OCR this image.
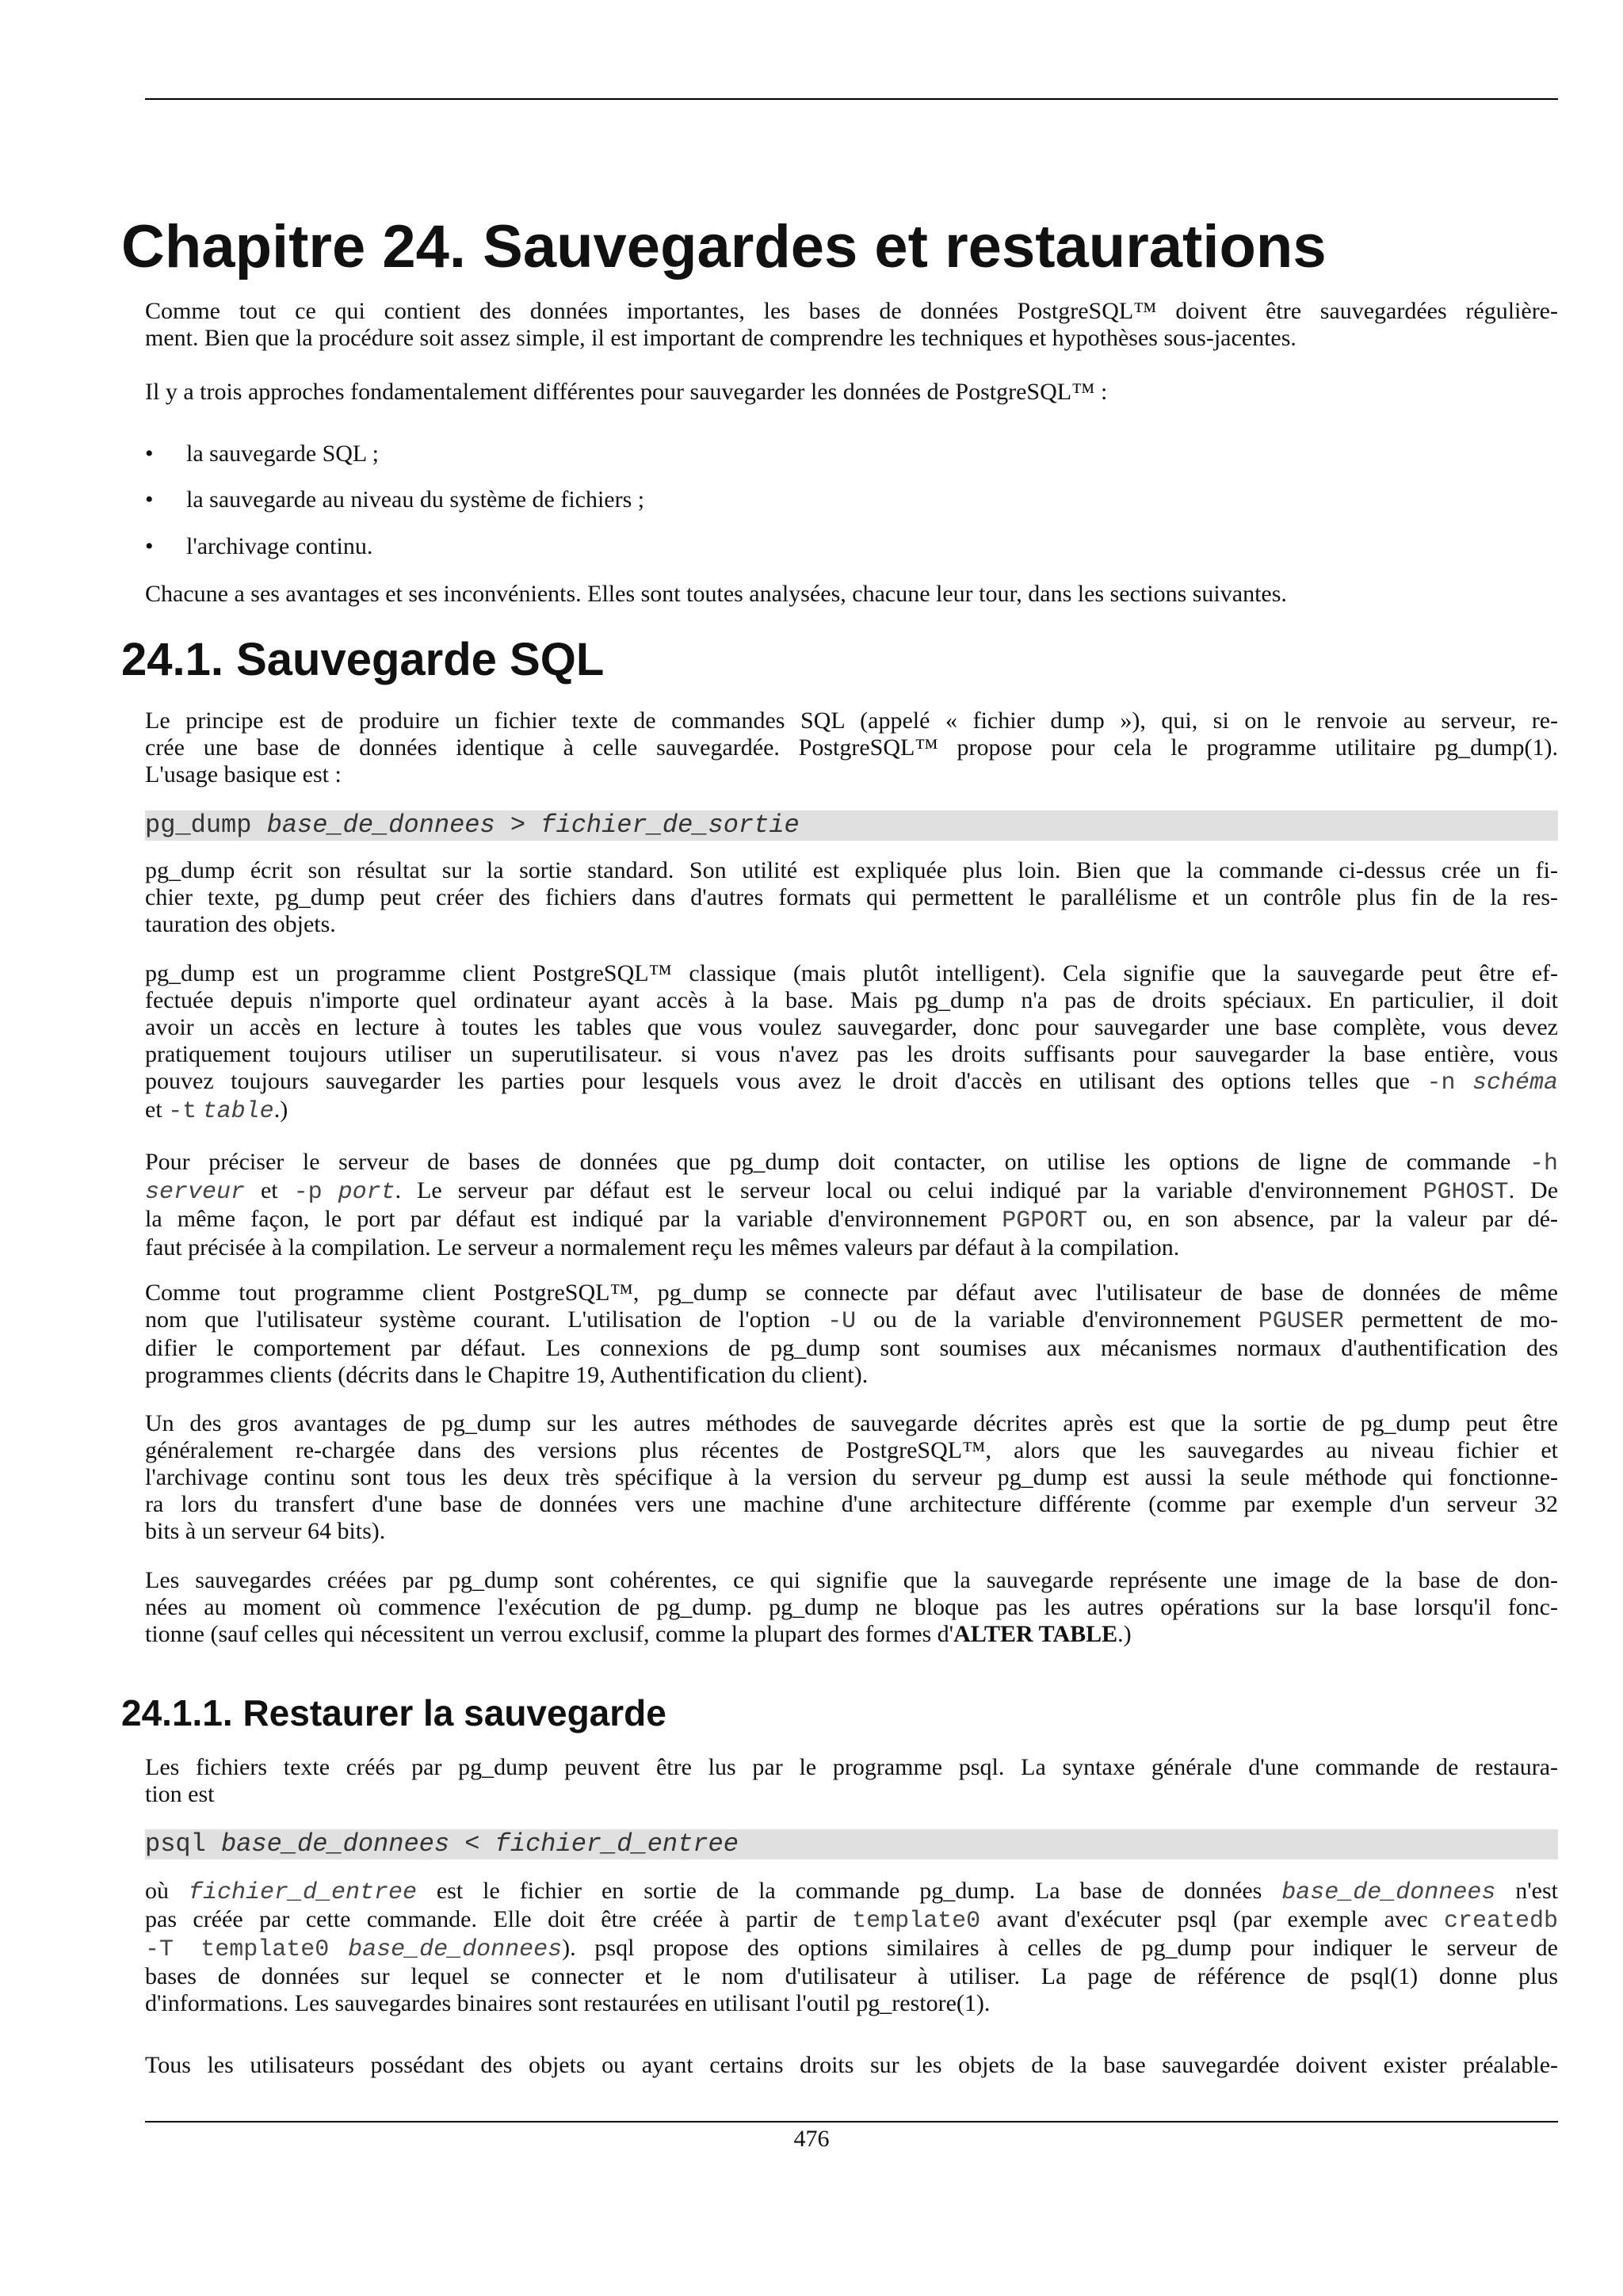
Chapitre 24. Sauvegardes et restaurations
Comme tout ce qui contient des données importantes, les bases de données PostgreSQL™ doivent être sauvegardées régulière-
ment. Bien que la procédure soit assez simple, il est important de comprendre les techniques et hypothèses sous-jacentes.
Il y a trois approches fondamentalement différentes pour sauvegarder les données de PostgreSQL™ :
• la sauvegarde SQL ;
• la sauvegarde au niveau du système de fichiers ;
• l'archivage continu.
Chacune a ses avantages et ses inconvénients. Elles sont toutes analysées, chacune leur tour, dans les sections suivantes.
24.1. Sauvegarde SQL
Le principe est de produire un fichier texte de commandes SQL (appelé « fichier dump »), qui, si on le renvoie au serveur, re-
crée une base de données identique à celle sauvegardée. PostgreSQL™ propose pour cela le programme utilitaire pg_dump(1).
L'usage basique est :
pg_dump base_de_donnees > fichier_de_sortie
pg_dump écrit son résultat sur la sortie standard. Son utilité est expliquée plus loin. Bien que la commande ci-dessus crée un fi-
chier texte, pg_dump peut créer des fichiers dans d'autres formats qui permettent le parallélisme et un contrôle plus fin de la res-
tauration des objets.
pg_dump est un programme client PostgreSQL™ classique (mais plutôt intelligent). Cela signifie que la sauvegarde peut être ef-
fectuée depuis n'importe quel ordinateur ayant accès à la base. Mais pg_dump n'a pas de droits spéciaux. En particulier, il doit
avoir un accès en lecture à toutes les tables que vous voulez sauvegarder, donc pour sauvegarder une base complète, vous devez
pratiquement toujours utiliser un superutilisateur. si vous n'avez pas les droits suffisants pour sauvegarder la base entière, vous
pouvez toujours sauvegarder les parties pour lesquels vous avez le droit d'accès en utilisant des options telles que -n schéma
et -t table.)
Pour préciser le serveur de bases de données que pg_dump doit contacter, on utilise les options de ligne de commande -h
serveur et -p port. Le serveur par défaut est le serveur local ou celui indiqué par la variable d'environnement PGHOST. De
la même façon, le port par défaut est indiqué par la variable d'environnement PGPORT ou, en son absence, par la valeur par dé-
faut précisée à la compilation. Le serveur a normalement reçu les mêmes valeurs par défaut à la compilation.
Comme tout programme client PostgreSQL™, pg_dump se connecte par défaut avec l'utilisateur de base de données de même
nom que l'utilisateur système courant. L'utilisation de l'option -U ou de la variable d'environnement PGUSER permettent de mo-
difier le comportement par défaut. Les connexions de pg_dump sont soumises aux mécanismes normaux d'authentification des
programmes clients (décrits dans le Chapitre 19, Authentification du client).
Un des gros avantages de pg_dump sur les autres méthodes de sauvegarde décrites après est que la sortie de pg_dump peut être
généralement re-chargée dans des versions plus récentes de PostgreSQL™, alors que les sauvegardes au niveau fichier et
l'archivage continu sont tous les deux très spécifique à la version du serveur pg_dump est aussi la seule méthode qui fonctionne-
ra lors du transfert d'une base de données vers une machine d'une architecture différente (comme par exemple d'un serveur 32
bits à un serveur 64 bits).
Les sauvegardes créées par pg_dump sont cohérentes, ce qui signifie que la sauvegarde représente une image de la base de don-
nées au moment où commence l'exécution de pg_dump. pg_dump ne bloque pas les autres opérations sur la base lorsqu'il fonc-
tionne (sauf celles qui nécessitent un verrou exclusif, comme la plupart des formes d'ALTER TABLE.)
24.1.1. Restaurer la sauvegarde
Les fichiers texte créés par pg_dump peuvent être lus par le programme psql. La syntaxe générale d'une commande de restaura-
tion est
psql base_de_donnees < fichier_d_entree
où fichier_d_entree est le fichier en sortie de la commande pg_dump. La base de données base_de_donnees n'est
pas créée par cette commande. Elle doit être créée à partir de template0 avant d'exécuter psql (par exemple avec createdb
-T template0 base_de_donnees). psql propose des options similaires à celles de pg_dump pour indiquer le serveur de
bases de données sur lequel se connecter et le nom d'utilisateur à utiliser. La page de référence de psql(1) donne plus
d'informations. Les sauvegardes binaires sont restaurées en utilisant l'outil pg_restore(1).
Tous les utilisateurs possédant des objets ou ayant certains droits sur les objets de la base sauvegardée doivent exister préalable-
476
